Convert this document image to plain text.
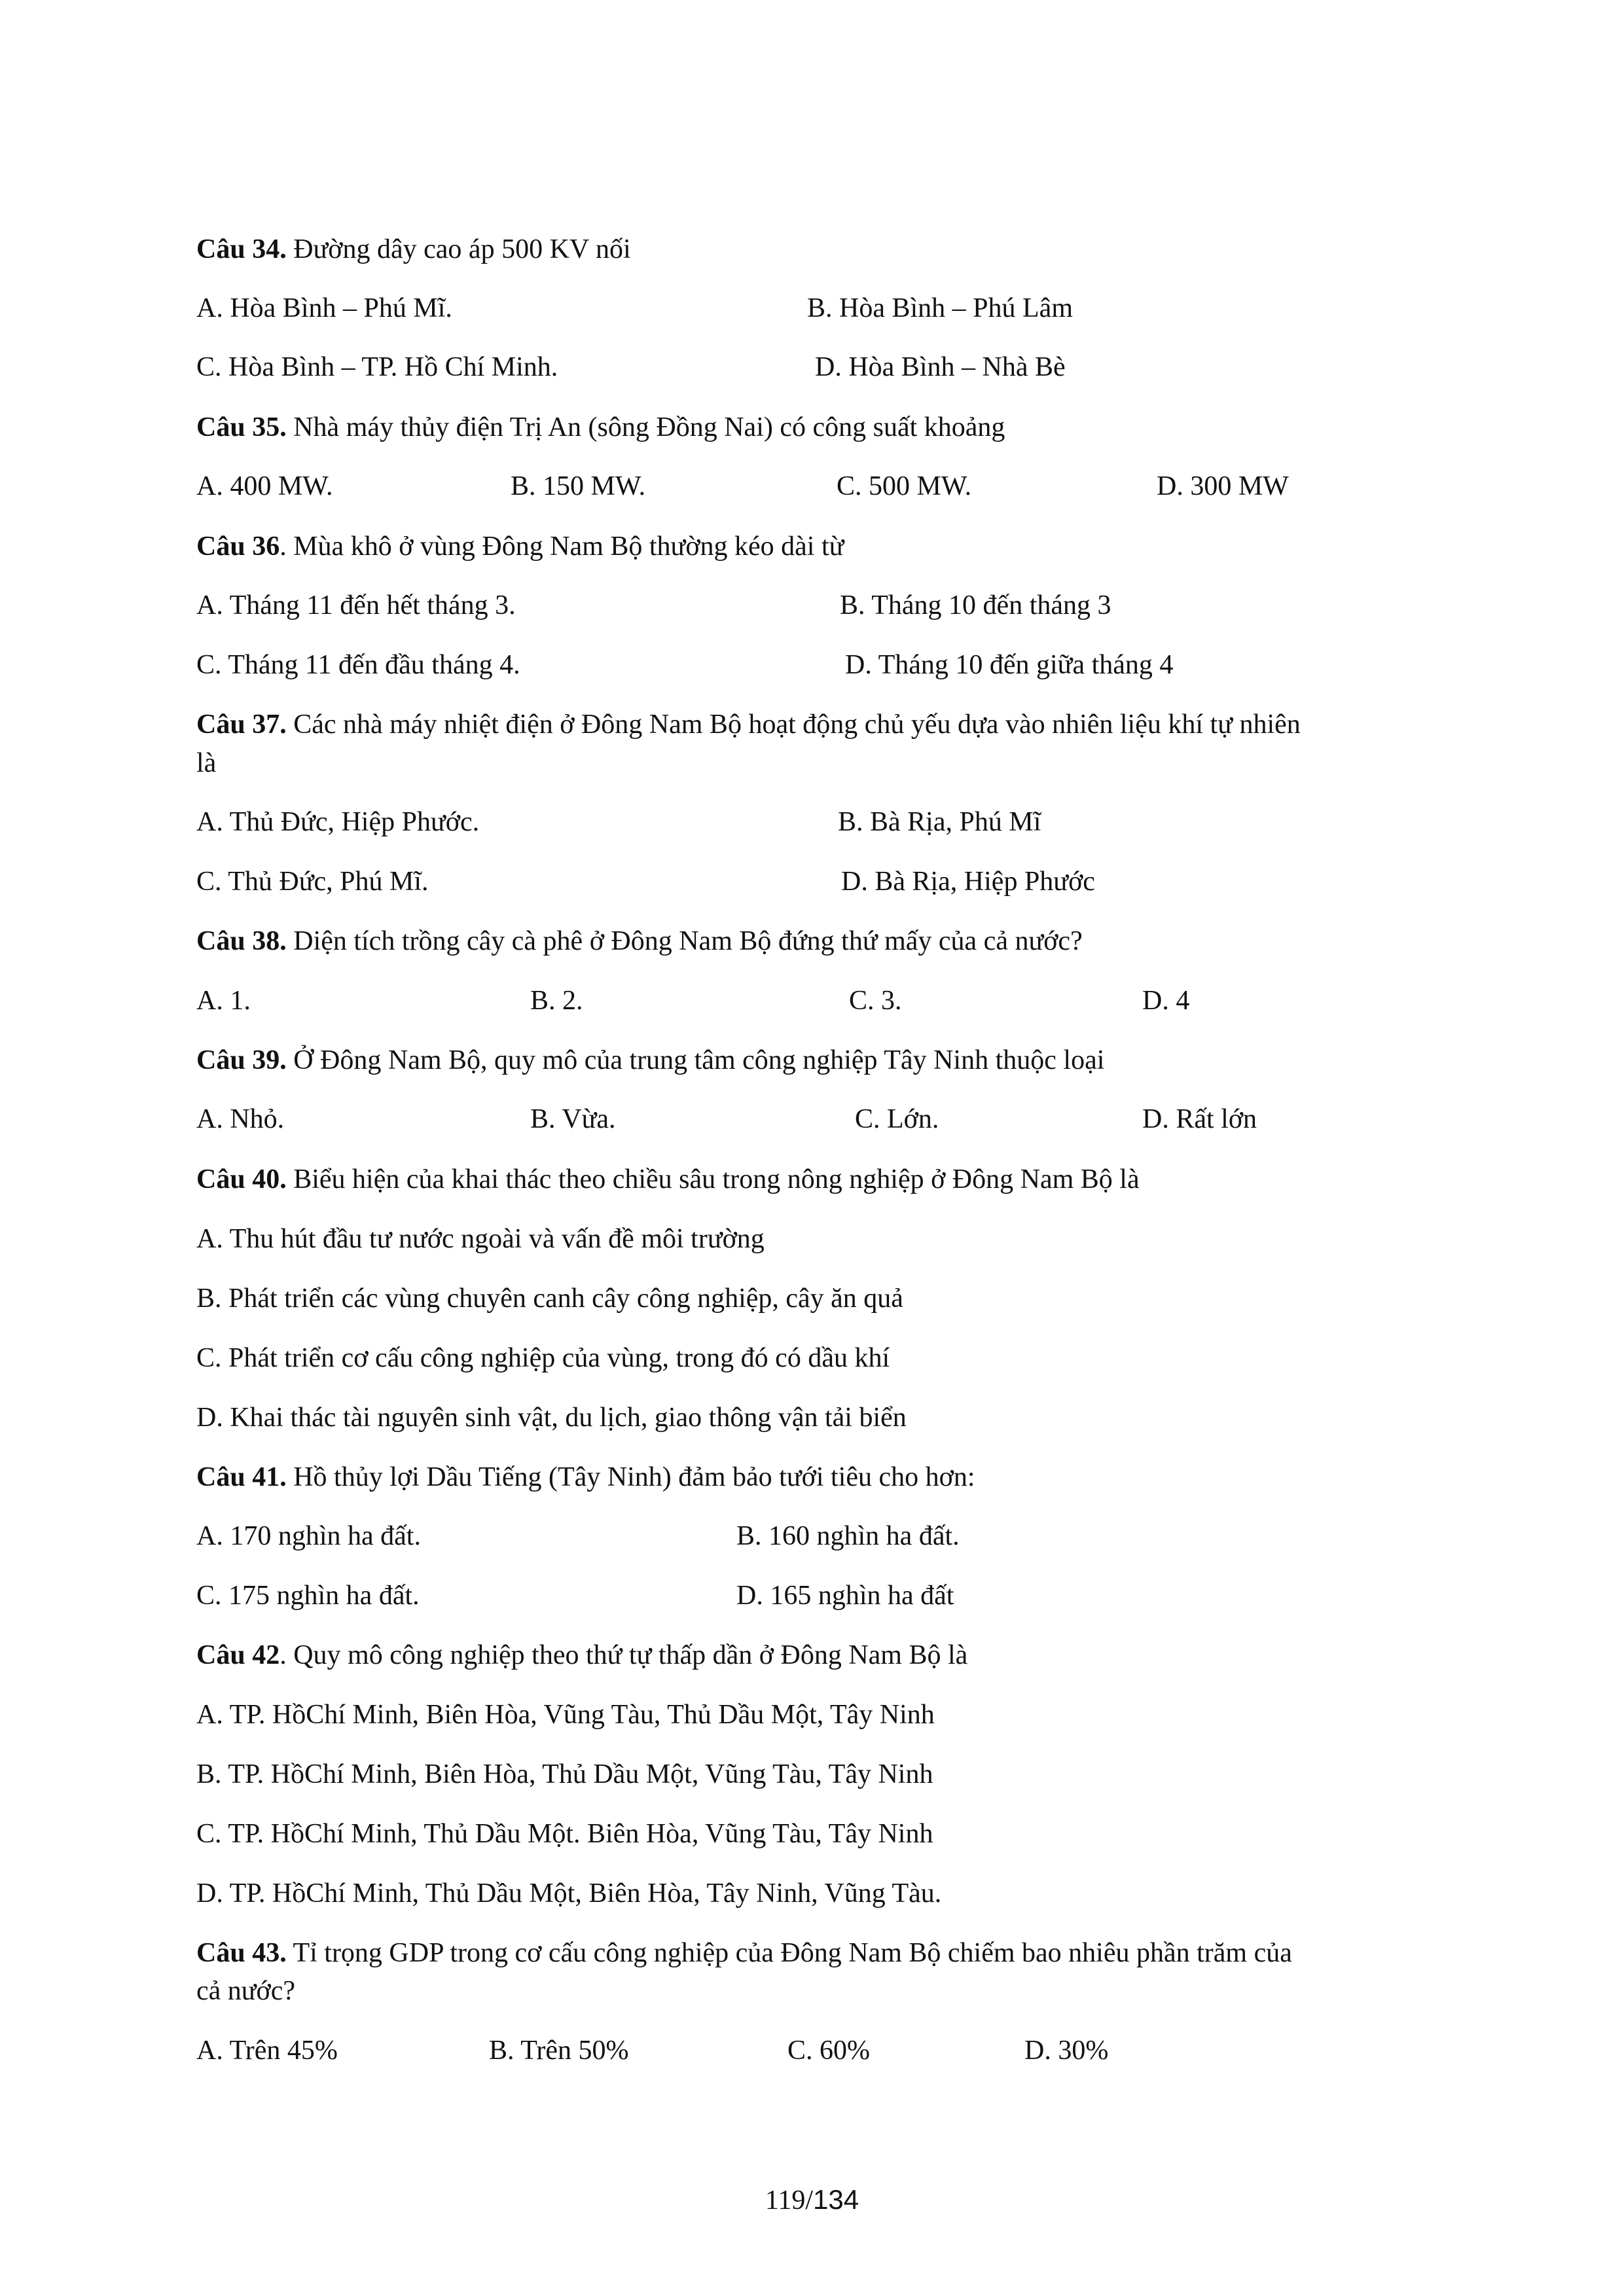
Câu 34. Đường dây cao áp 500 KV nối
A. Hòa Bình – Phú Mĩ.	B. Hòa Bình – Phú Lâm
C. Hòa Bình – TP. Hồ Chí Minh.	D. Hòa Bình – Nhà Bè
Câu 35. Nhà máy thủy điện Trị An (sông Đồng Nai) có công suất khoảng
A. 400 MW.	B. 150 MW.	C. 500 MW.	D. 300 MW
Câu 36. Mùa khô ở vùng Đông Nam Bộ thường kéo dài từ
A. Tháng 11 đến hết tháng 3.	B. Tháng 10 đến tháng 3
C. Tháng 11 đến đầu tháng 4.	D. Tháng 10 đến giữa tháng 4
Câu 37. Các nhà máy nhiệt điện ở Đông Nam Bộ hoạt động chủ yếu dựa vào nhiên liệu khí tự nhiên
là
A. Thủ Đức, Hiệp Phước.	B. Bà Rịa, Phú Mĩ
C. Thủ Đức, Phú Mĩ.	D. Bà Rịa, Hiệp Phước
Câu 38. Diện tích trồng cây cà phê ở Đông Nam Bộ đứng thứ mấy của cả nước?
A. 1.	B. 2.	C. 3.	D. 4
Câu 39. Ở Đông Nam Bộ, quy mô của trung tâm công nghiệp Tây Ninh thuộc loại
A. Nhỏ.	B. Vừa.	C. Lớn.	D. Rất lớn
Câu 40. Biểu hiện của khai thác theo chiều sâu trong nông nghiệp ở Đông Nam Bộ là
A. Thu hút đầu tư nước ngoài và vấn đề môi trường
B. Phát triển các vùng chuyên canh cây công nghiệp, cây ăn quả
C. Phát triển cơ cấu công nghiệp của vùng, trong đó có dầu khí
D. Khai thác tài nguyên sinh vật, du lịch, giao thông vận tải biển
Câu 41. Hồ thủy lợi Dầu Tiếng (Tây Ninh) đảm bảo tưới tiêu cho hơn:
A. 170 nghìn ha đất.	B. 160 nghìn ha đất.
C. 175 nghìn ha đất.	D. 165 nghìn ha đất
Câu 42. Quy mô công nghiệp theo thứ tự thấp dần ở Đông Nam Bộ là
A. TP. HồChí Minh, Biên Hòa, Vũng Tàu, Thủ Dầu Một, Tây Ninh
B. TP. HồChí Minh, Biên Hòa, Thủ Dầu Một, Vũng Tàu, Tây Ninh
C. TP. HồChí Minh, Thủ Dầu Một. Biên Hòa, Vũng Tàu, Tây Ninh
D. TP. HồChí Minh, Thủ Dầu Một, Biên Hòa, Tây Ninh, Vũng Tàu.
Câu 43. Tỉ trọng GDP trong cơ cấu công nghiệp của Đông Nam Bộ chiếm bao nhiêu phần trăm của
cả nước?
A. Trên 45%	B. Trên 50%	C. 60%	D. 30%
119/134
